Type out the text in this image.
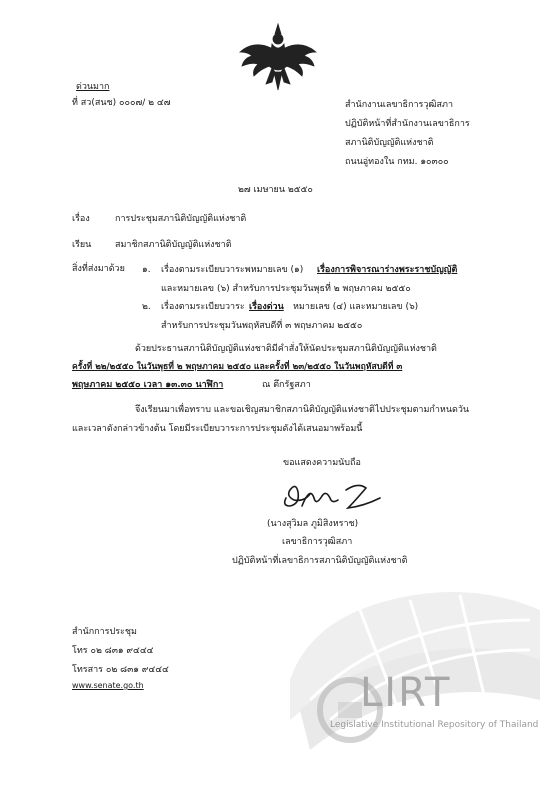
ด่วนมาก
ที่ สว(สนช) ๐๐๐๗/ ๒ ๔๗	สำนักงานเลขาธิการวุฒิสภา
ปฏิบัติหน้าที่สำนักงานเลขาธิการ
สภานิติบัญญัติแห่งชาติ
ถนนอู่ทองใน กทม. ๑๐๓๐๐
๒๗ เมษายน ๒๕๕๐
เรื่อง	การประชุมสภานิติบัญญัติแห่งชาติ
เรียน	สมาชิกสภานิติบัญญัติแห่งชาติ
สิ่งที่ส่งมาด้วย ๑. เรื่องตามระเบียบวาระพหมายเลข (๑) เรื่องการพิจารณาร่างพระราชบัญญัติ
และหมายเลข (๖) สำหรับการประชุมวันพุธที่ ๒ พฤษภาคม ๒๕๕๐
๒. เรื่องตามระเบียบวาระ เรื่องด่วน หมายเลข (๔) และหมายเลข (๖)
สำหรับการประชุมวันพฤหัสบดีที่ ๓ พฤษภาคม ๒๕๕๐
ด้วยประธานสภานิติบัญญัติแห่งชาติมีคำสั่งให้นัดประชุมสภานิติบัญญัติแห่งชาติ
ครั้งที่ ๒๒/๒๕๕๐ ในวันพุธที่ ๒ พฤษภาคม ๒๕๕๐ และครั้งที่ ๒๓/๒๕๕๐ ในวันพฤหัสบดีที่ ๓
พฤษภาคม ๒๕๕๐ เวลา ๑๓.๓๐ นาฬิกา	ณ ตึกรัฐสภา
จึงเรียนมาเพื่อทราบ และขอเชิญสมาชิกสภานิติบัญญัติแห่งชาติไปประชุมตามกำหนดวัน
และเวลาดังกล่าวข้างต้น โดยมีระเบียบวาระการประชุมดังได้เสนอมาพร้อมนี้
ขอแสดงความนับถือ
(นางสุวิมล ภูมิสิงหราช)
เลขาธิการวุฒิสภา
ปฏิบัติหน้าที่เลขาธิการสภานิติบัญญัติแห่งชาติ
LIRT
Legislative Institutional Repository of Thailand
สำนักการประชุม
โทร ๐๒ ๘๓๑ ๙๔๔๔
โทรสาร ๐๒ ๘๓๑ ๙๔๔๔
www.senate.go.th
